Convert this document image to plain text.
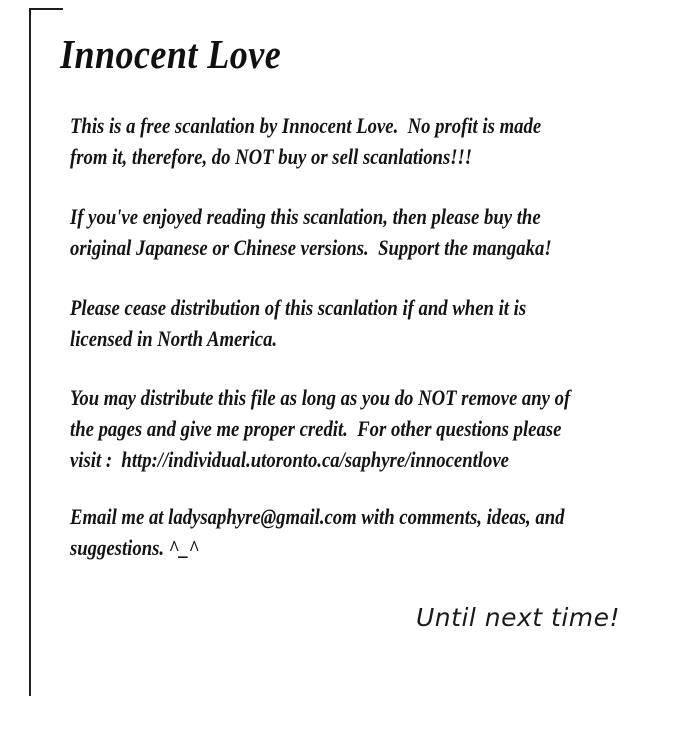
Innocent Love

This is a free scanlation by Innocent Love.  No profit is made
from it, therefore, do NOT buy or sell scanlations!!!

If you've enjoyed reading this scanlation, then please buy the
original Japanese or Chinese versions.  Support the mangaka!

Please cease distribution of this scanlation if and when it is
licensed in North America.

You may distribute this file as long as you do NOT remove any of
the pages and give me proper credit.  For other questions please
visit :  http://individual.utoronto.ca/saphyre/innocentlove

Email me at ladysaphyre@gmail.com with comments, ideas, and
suggestions. ^_^

Until next time!
